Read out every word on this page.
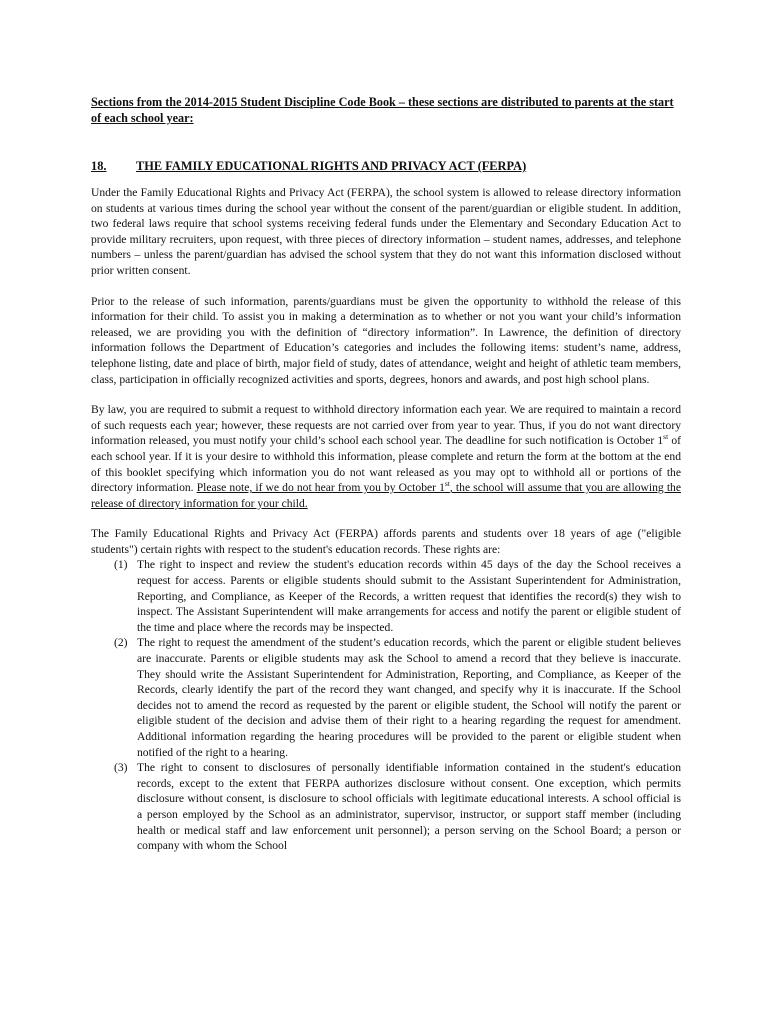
Sections from the 2014-2015 Student Discipline Code Book – these sections are distributed to parents at the start of each school year:
18.	THE FAMILY EDUCATIONAL RIGHTS AND PRIVACY ACT (FERPA)

Under the Family Educational Rights and Privacy Act (FERPA), the school system is allowed to release directory information on students at various times during the school year without the consent of the parent/guardian or eligible student. In addition, two federal laws require that school systems receiving federal funds under the Elementary and Secondary Education Act to provide military recruiters, upon request, with three pieces of directory information – student names, addresses, and telephone numbers – unless the parent/guardian has advised the school system that they do not want this information disclosed without prior written consent.

Prior to the release of such information, parents/guardians must be given the opportunity to withhold the release of this information for their child. To assist you in making a determination as to whether or not you want your child’s information released, we are providing you with the definition of “directory information”. In Lawrence, the definition of directory information follows the Department of Education’s categories and includes the following items: student’s name, address, telephone listing, date and place of birth, major field of study, dates of attendance, weight and height of athletic team members, class, participation in officially recognized activities and sports, degrees, honors and awards, and post high school plans.

By law, you are required to submit a request to withhold directory information each year. We are required to maintain a record of such requests each year; however, these requests are not carried over from year to year. Thus, if you do not want directory information released, you must notify your child’s school each school year. The deadline for such notification is October 1st of each school year. If it is your desire to withhold this information, please complete and return the form at the bottom at the end of this booklet specifying which information you do not want released as you may opt to withhold all or portions of the directory information. Please note, if we do not hear from you by October 1st, the school will assume that you are allowing the release of directory information for your child.

The Family Educational Rights and Privacy Act (FERPA) affords parents and students over 18 years of age ("eligible students") certain rights with respect to the student's education records. These rights are:

(1) The right to inspect and review the student's education records within 45 days of the day the School receives a request for access. Parents or eligible students should submit to the Assistant Superintendent for Administration, Reporting, and Compliance, as Keeper of the Records, a written request that identifies the record(s) they wish to inspect. The Assistant Superintendent will make arrangements for access and notify the parent or eligible student of the time and place where the records may be inspected.
(2) The right to request the amendment of the student’s education records, which the parent or eligible student believes are inaccurate. Parents or eligible students may ask the School to amend a record that they believe is inaccurate. They should write the Assistant Superintendent for Administration, Reporting, and Compliance, as Keeper of the Records, clearly identify the part of the record they want changed, and specify why it is inaccurate. If the School decides not to amend the record as requested by the parent or eligible student, the School will notify the parent or eligible student of the decision and advise them of their right to a hearing regarding the request for amendment. Additional information regarding the hearing procedures will be provided to the parent or eligible student when notified of the right to a hearing.
(3) The right to consent to disclosures of personally identifiable information contained in the student's education records, except to the extent that FERPA authorizes disclosure without consent. One exception, which permits disclosure without consent, is disclosure to school officials with legitimate educational interests. A school official is a person employed by the School as an administrator, supervisor, instructor, or support staff member (including health or medical staff and law enforcement unit personnel); a person serving on the School Board; a person or company with whom the School
